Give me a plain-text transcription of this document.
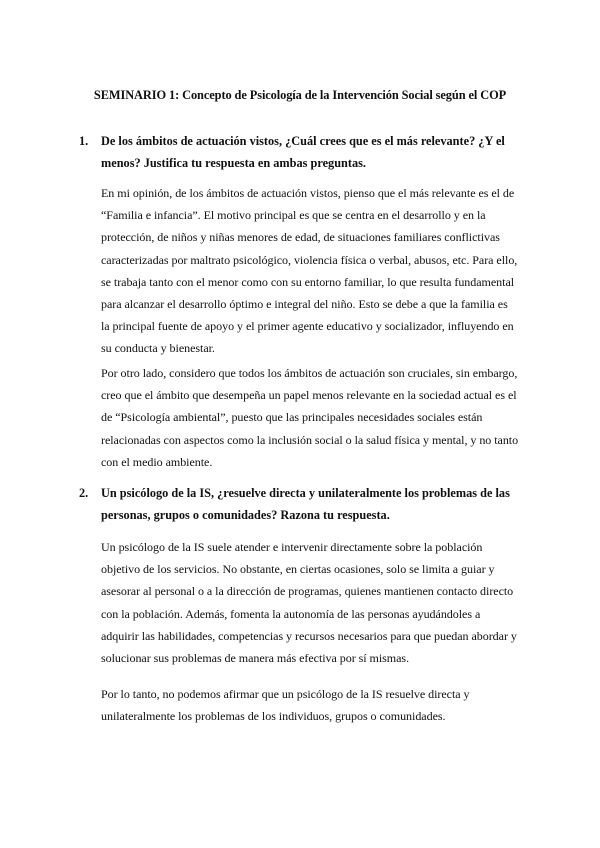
SEMINARIO 1: Concepto de Psicología de la Intervención Social según el COP
1.	De los ámbitos de actuación vistos, ¿Cuál crees que es el más relevante? ¿Y el menos? Justifica tu respuesta en ambas preguntas.

En mi opinión, de los ámbitos de actuación vistos, pienso que el más relevante es el de “Familia e infancia”. El motivo principal es que se centra en el desarrollo y en la protección, de niños y niñas menores de edad, de situaciones familiares conflictivas caracterizadas por maltrato psicológico, violencia física o verbal, abusos, etc. Para ello, se trabaja tanto con el menor como con su entorno familiar, lo que resulta fundamental para alcanzar el desarrollo óptimo e integral del niño. Esto se debe a que la familia es la principal fuente de apoyo y el primer agente educativo y socializador, influyendo en su conducta y bienestar.

Por otro lado, considero que todos los ámbitos de actuación son cruciales, sin embargo, creo que el ámbito que desempeña un papel menos relevante en la sociedad actual es el de “Psicología ambiental”, puesto que las principales necesidades sociales están relacionadas con aspectos como la inclusión social o la salud física y mental, y no tanto con el medio ambiente.

2.	Un psicólogo de la IS, ¿resuelve directa y unilateralmente los problemas de las personas, grupos o comunidades? Razona tu respuesta.

Un psicólogo de la IS suele atender e intervenir directamente sobre la población objetivo de los servicios. No obstante, en ciertas ocasiones, solo se limita a guiar y asesorar al personal o a la dirección de programas, quienes mantienen contacto directo con la población. Además, fomenta la autonomía de las personas ayudándoles a adquirir las habilidades, competencias y recursos necesarios para que puedan abordar y solucionar sus problemas de manera más efectiva por sí mismas.

Por lo tanto, no podemos afirmar que un psicólogo de la IS resuelve directa y unilateralmente los problemas de los individuos, grupos o comunidades.
